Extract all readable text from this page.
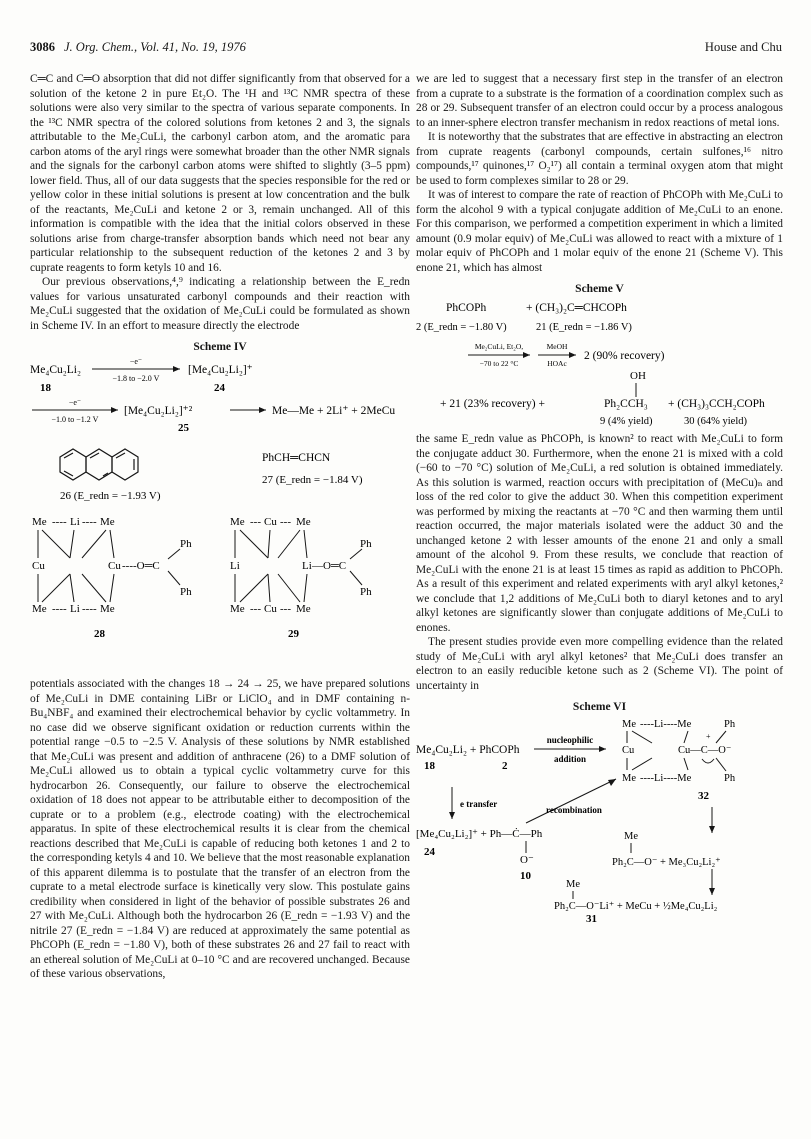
3086 J. Org. Chem., Vol. 41, No. 19, 1976	House and Chu

C═C and C═O absorption that did not differ significantly from that observed for a solution of the ketone 2 in pure Et₂O. The ¹H and ¹³C NMR spectra of these solutions were also very similar to the spectra of various separate components. In the ¹³C NMR spectra of the colored solutions from ketones 2 and 3, the signals attributable to the Me₂CuLi, the carbonyl carbon atom, and the aromatic para carbon atoms of the aryl rings were somewhat broader than the other NMR signals and the signals for the carbonyl carbon atoms were shifted to slightly (3–5 ppm) lower field. Thus, all of our data suggests that the species responsible for the red or yellow color in these initial solutions is present at low concentration and the bulk of the reactants, Me₂CuLi and ketone 2 or 3, remain unchanged. All of this information is compatible with the idea that the initial colors observed in these solutions arise from charge-transfer absorption bands which need not bear any particular relationship to the subsequent reduction of the ketones 2 and 3 by cuprate reagents to form ketyls 10 and 16.

Our previous observations,⁴,⁹ indicating a relationship between the E_redn values for various unsaturated carbonyl compounds and their reaction with Me₂CuLi suggested that the oxidation of Me₂CuLi could be formulated as shown in Scheme IV. In an effort to measure directly the electrode

Scheme IV
Me₄Cu₂Li₂
−e⁻
−1.8 to −2.0 V
[Me₄Cu₂Li₂]⁺
18	24
−e⁻
−1.0 to −1.2 V
[Me₄Cu₂Li₂]⁺²	Me—Me + 2Li⁺ + 2MeCu
25
26 (E_redn = −1.93 V)
PhCH═CHCN
27 (E_redn = −1.84 V)
Me ---- Li ---- Me
Cu	Cu ----O═C
Me ---- Li ---- Me
Ph
Ph
28
Me --- Cu --- Me
Li	Li —O═C
Me --- Cu --- Me
Ph
Ph
29

potentials associated with the changes 18 → 24 → 25, we have prepared solutions of Me₂CuLi in DME containing LiBr or LiClO₄ and in DMF containing n-Bu₄NBF₄ and examined their electrochemical behavior by cyclic voltammetry. In no case did we observe significant oxidation or reduction currents within the potential range −0.5 to −2.5 V. Analysis of these solutions by NMR established that Me₂CuLi was present and addition of anthracene (26) to a DMF solution of Me₂CuLi allowed us to obtain a typical cyclic voltammetry curve for this hydrocarbon 26. Consequently, our failure to observe the electrochemical oxidation of 18 does not appear to be attributable either to decomposition of the cuprate or to a problem (e.g., electrode coating) with the electrochemical apparatus. In spite of these electrochemical results it is clear from the chemical reactions described that Me₂CuLi is capable of reducing both ketones 1 and 2 to the corresponding ketyls 4 and 10. We believe that the most reasonable explanation of this apparent dilemma is to postulate that the transfer of an electron from the cuprate to a metal electrode surface is kinetically very slow. This postulate gains credibility when considered in light of the behavior of possible substrates 26 and 27 with Me₂CuLi. Although both the hydrocarbon 26 (E_redn = −1.93 V) and the nitrile 27 (E_redn = −1.84 V) are reduced at approximately the same potential as PhCOPh (E_redn = −1.80 V), both of these substrates 26 and 27 fail to react with an ethereal solution of Me₂CuLi at 0–10 °C and are recovered unchanged. Because of these various observations,

we are led to suggest that a necessary first step in the transfer of an electron from a cuprate to a substrate is the formation of a coordination complex such as 28 or 29. Subsequent transfer of an electron could occur by a process analogous to an inner-sphere electron transfer mechanism in redox reactions of metal ions.

It is noteworthy that the substrates that are effective in abstracting an electron from cuprate reagents (carbonyl compounds, certain sulfones,¹⁶ nitro compounds,¹⁷ quinones,¹⁷ O₂¹⁷) all contain a terminal oxygen atom that might be used to form complexes similar to 28 or 29.

It was of interest to compare the rate of reaction of PhCOPh with Me₂CuLi to form the alcohol 9 with a typical conjugate addition of Me₂CuLi to an enone. For this comparison, we performed a competition experiment in which a limited amount (0.9 molar equiv) of Me₂CuLi was allowed to react with a mixture of 1 molar equiv of PhCOPh and 1 molar equiv of the enone 21 (Scheme V). This enone 21, which has almost

Scheme V
PhCOPh	+ (CH₃)₂C═CHCOPh
2 (E_redn = −1.80 V)	21 (E_redn = −1.86 V)
Me₂CuLi, Et₂O,
−70 to 22 °C
MeOH
HOAc
2 (90% recovery)
OH
+ 21 (23% recovery) +	Ph₂CCH₃ + (CH₃)₃CCH₂COPh
9 (4% yield)	30 (64% yield)

the same E_redn value as PhCOPh, is known² to react with Me₂CuLi to form the conjugate adduct 30. Furthermore, when the enone 21 is mixed with a cold (−60 to −70 °C) solution of Me₂CuLi, a red solution is obtained immediately. As this solution is warmed, reaction occurs with precipitation of (MeCu)ₙ and loss of the red color to give the adduct 30. When this competition experiment was performed by mixing the reactants at −70 °C and then warming them until reaction occurred, the major materials isolated were the adduct 30 and the unchanged ketone 2 with lesser amounts of the enone 21 and only a small amount of the alcohol 9. From these results, we conclude that reaction of Me₂CuLi with the enone 21 is at least 15 times as rapid as addition to PhCOPh. As a result of this experiment and related experiments with aryl alkyl ketones,² we conclude that 1,2 additions of Me₂CuLi both to diaryl ketones and to aryl alkyl ketones are significantly slower than conjugate additions of Me₂CuLi to enones.

The present studies provide even more compelling evidence than the related study of Me₂CuLi with aryl alkyl ketones² that Me₂CuLi does transfer an electron to an easily reducible ketone such as 2 (Scheme VI). The point of uncertainty in

Scheme VI
Me₄Cu₂Li₂ + PhCOPh
18	2
nucleophilic
addition
Me ----Li----Me	Ph
Cu	Cu—C—O⁻
Me ----Li----Me	Ph
+
32
e transfer
recombination
[Me₄Cu₂Li₂]⁺ + Ph—Ċ—Ph
O⁻
24
10
Me
Ph₂C—O⁻ + Me₃Cu₂Li₂⁺
Me
Ph₂C—O⁻Li⁺ + MeCu + ½Me₄Cu₂Li₂
31
